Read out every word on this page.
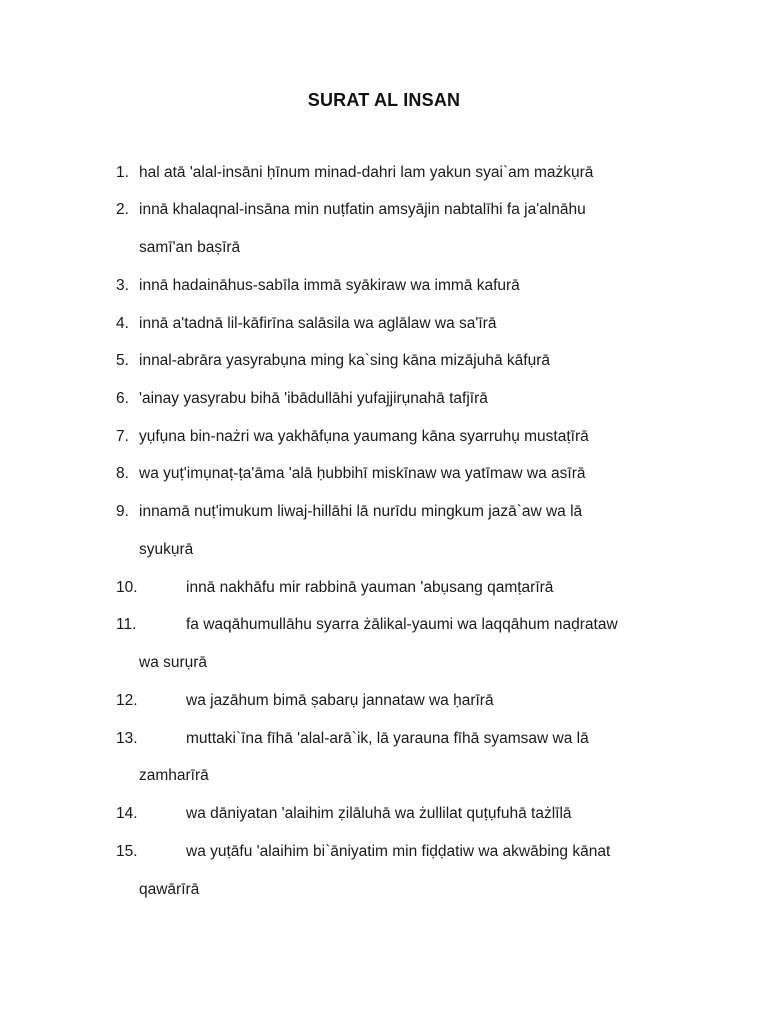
SURAT AL INSAN
1. hal atā 'alal-insāni ḥīnum minad-dahri lam yakun syai`am mażkụrā
2. innā khalaqnal-insāna min nuṭfatin amsyājin nabtalīhi fa ja'alnāhu
samī'an baṣīrā
3. innā hadaināhus-sabīla immā syākiraw wa immā kafurā
4. innā a'tadnā lil-kāfirīna salāsila wa aglālaw wa sa'īrā
5. innal-abrāra yasyrabụna ming ka`sing kāna mizājuhā kāfụrā
6. 'ainay yasyrabu bihā 'ibādullāhi yufajjirụnahā tafjīrā
7. yụfụna bin-nażri wa yakhāfụna yaumang kāna syarruhụ mustaṭīrā
8. wa yuṭ'imụnaṭ-ṭa'āma 'alā ḥubbihī miskīnaw wa yatīmaw wa asīrā
9. innamā nuṭ'imukum liwaj-hillāhi lā nurīdu mingkum jazā`aw wa lā
syukụrā
10.	innā nakhāfu mir rabbinā yauman 'abụsang qamṭarīrā
11.	fa waqāhumullāhu syarra żālikal-yaumi wa laqqāhum naḍrataw
wa surụrā
12.	wa jazāhum bimā ṣabarụ jannataw wa ḥarīrā
13.	muttaki`īna fīhā 'alal-arā`ik, lā yarauna fīhā syamsaw wa lā
zamharīrā
14.	wa dāniyatan 'alaihim ẓilāluhā wa żullilat quṭụfuhā tażlīlā
15.	wa yuṭāfu 'alaihim bi`āniyatim min fiḍḍatiw wa akwābing kānat
qawārīrā
